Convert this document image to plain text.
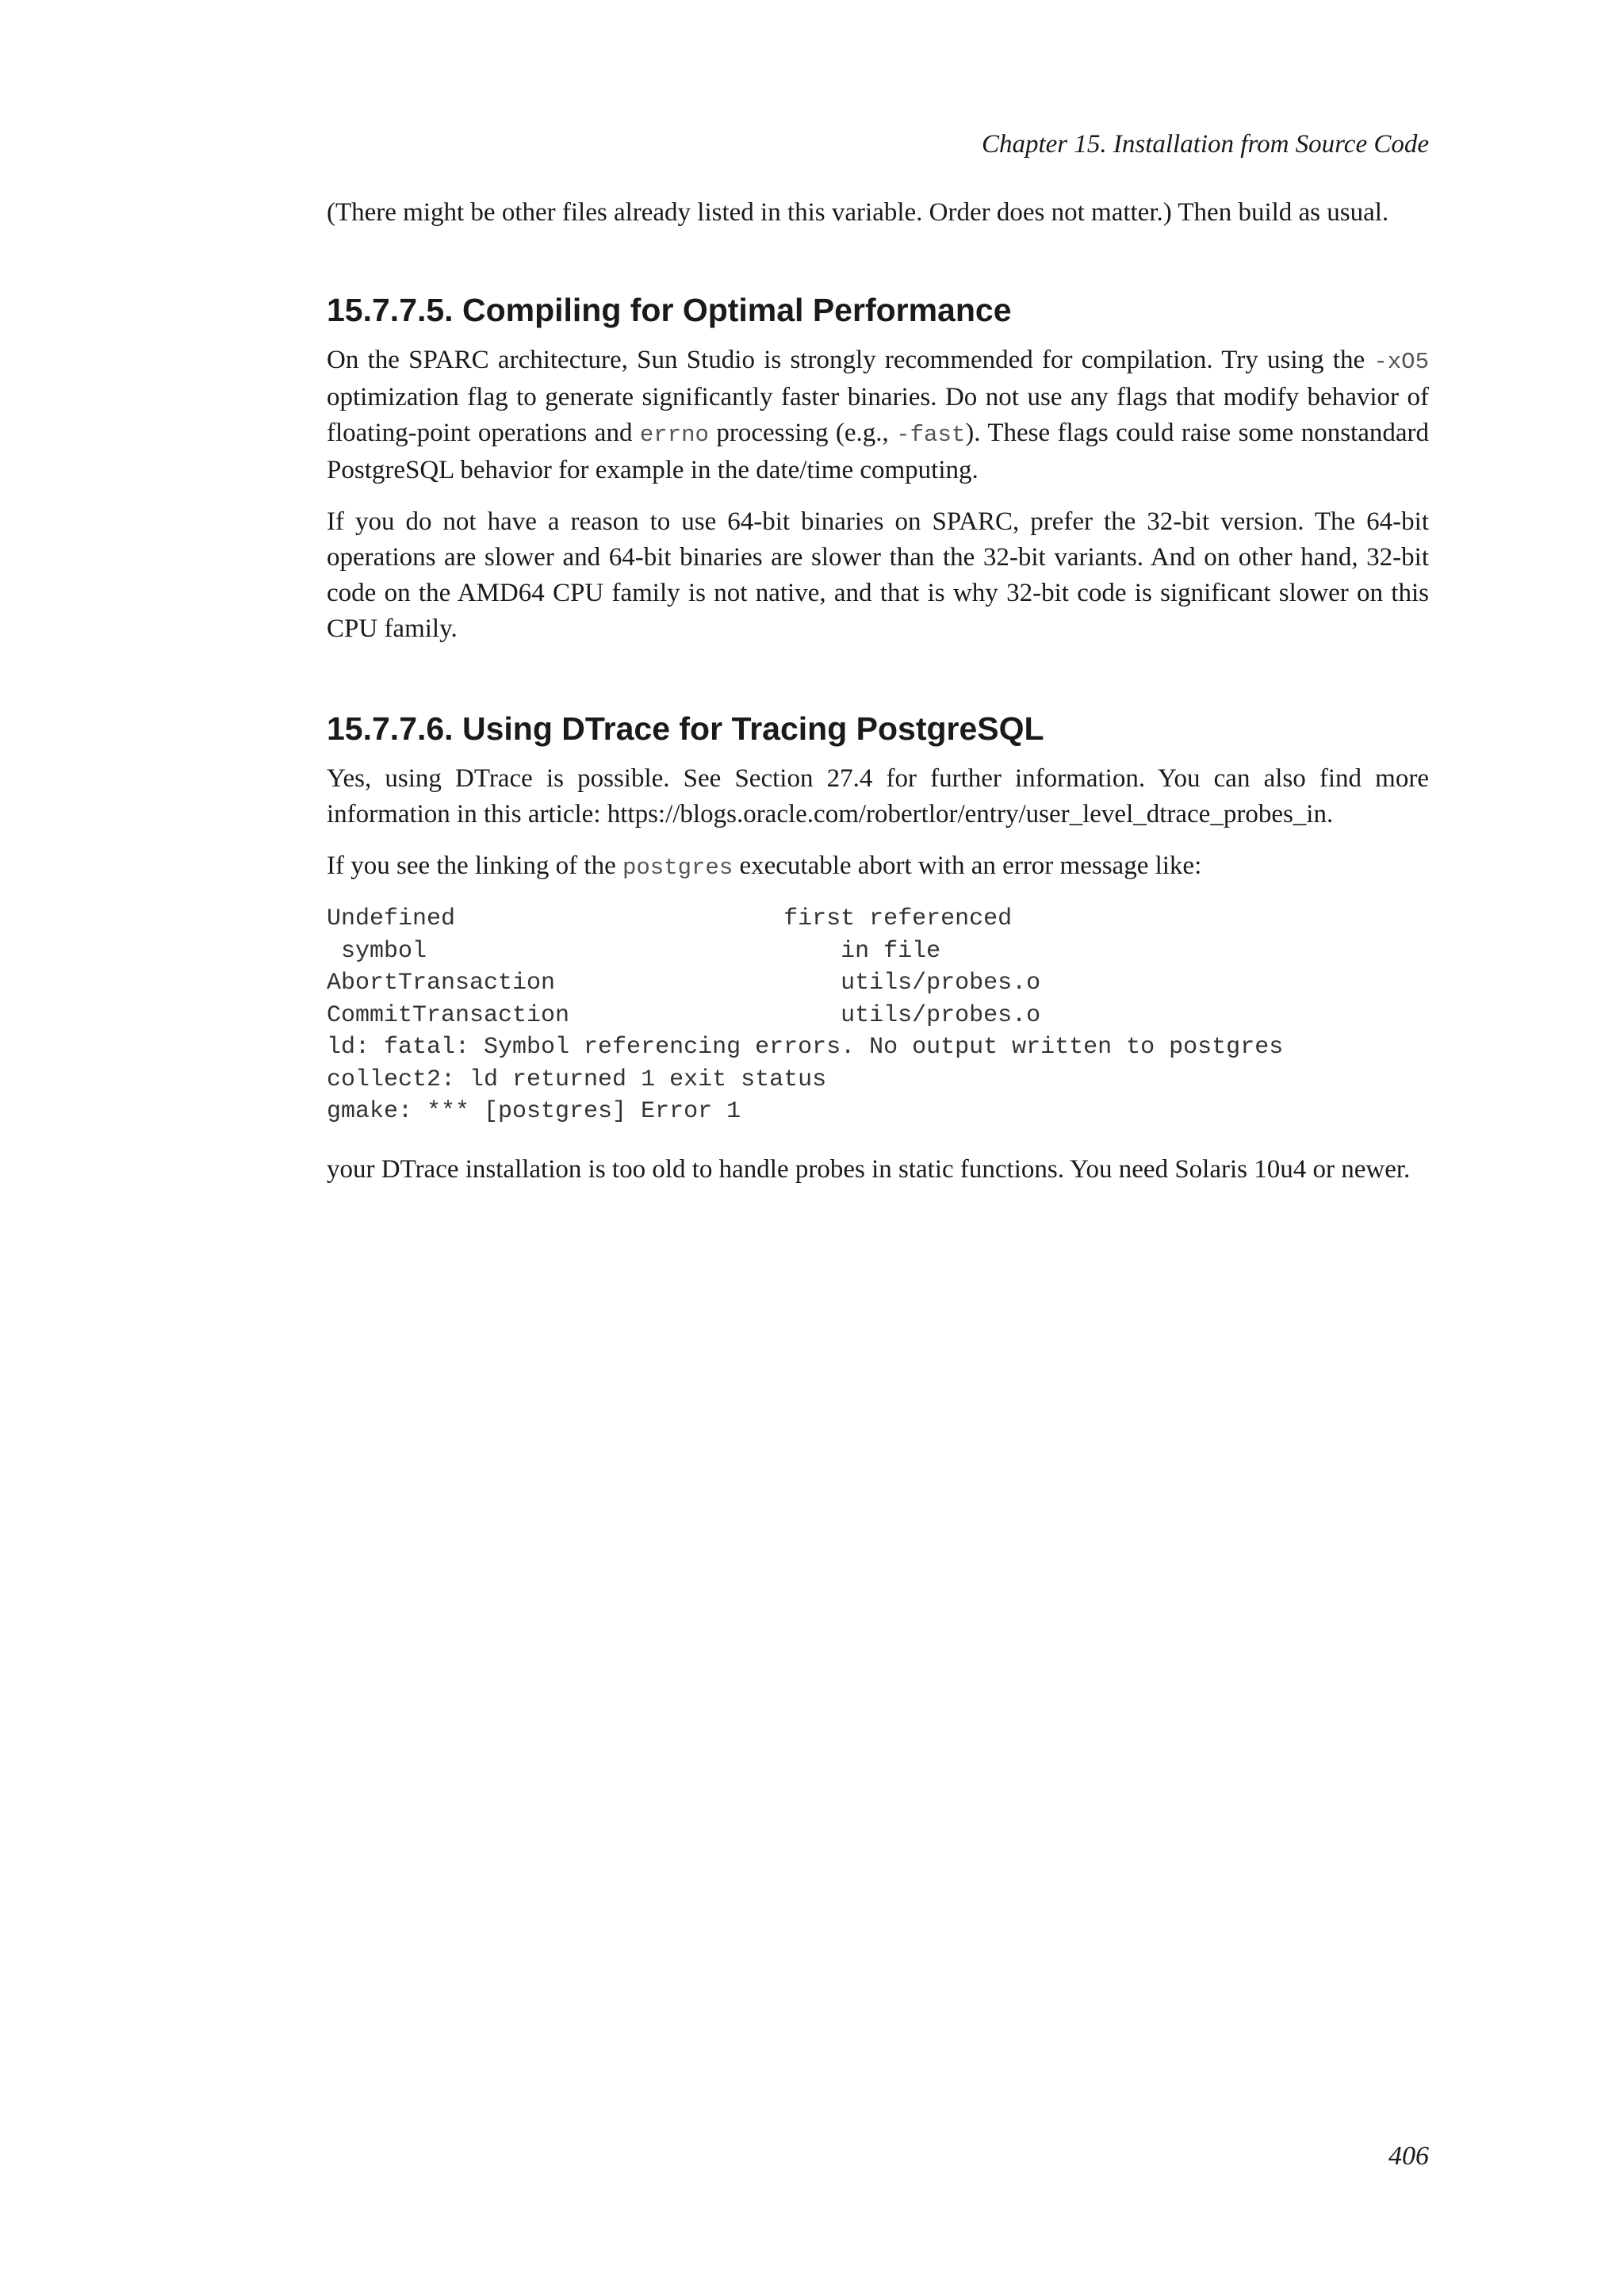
Chapter 15. Installation from Source Code

(There might be other files already listed in this variable. Order does not matter.) Then build as usual.

15.7.7.5. Compiling for Optimal Performance

On the SPARC architecture, Sun Studio is strongly recommended for compilation. Try using the -xO5 optimization flag to generate significantly faster binaries. Do not use any flags that modify behavior of floating-point operations and errno processing (e.g., -fast). These flags could raise some nonstandard PostgreSQL behavior for example in the date/time computing.

If you do not have a reason to use 64-bit binaries on SPARC, prefer the 32-bit version. The 64-bit operations are slower and 64-bit binaries are slower than the 32-bit variants. And on other hand, 32-bit code on the AMD64 CPU family is not native, and that is why 32-bit code is significant slower on this CPU family.

15.7.7.6. Using DTrace for Tracing PostgreSQL

Yes, using DTrace is possible. See Section 27.4 for further information. You can also find more information in this article: https://blogs.oracle.com/robertlor/entry/user_level_dtrace_probes_in.

If you see the linking of the postgres executable abort with an error message like:

Undefined                       first referenced
symbol                             in file
AbortTransaction                    utils/probes.o
CommitTransaction                   utils/probes.o
ld: fatal: Symbol referencing errors. No output written to postgres
collect2: ld returned 1 exit status
gmake: *** [postgres] Error 1

your DTrace installation is too old to handle probes in static functions. You need Solaris 10u4 or newer.

406
